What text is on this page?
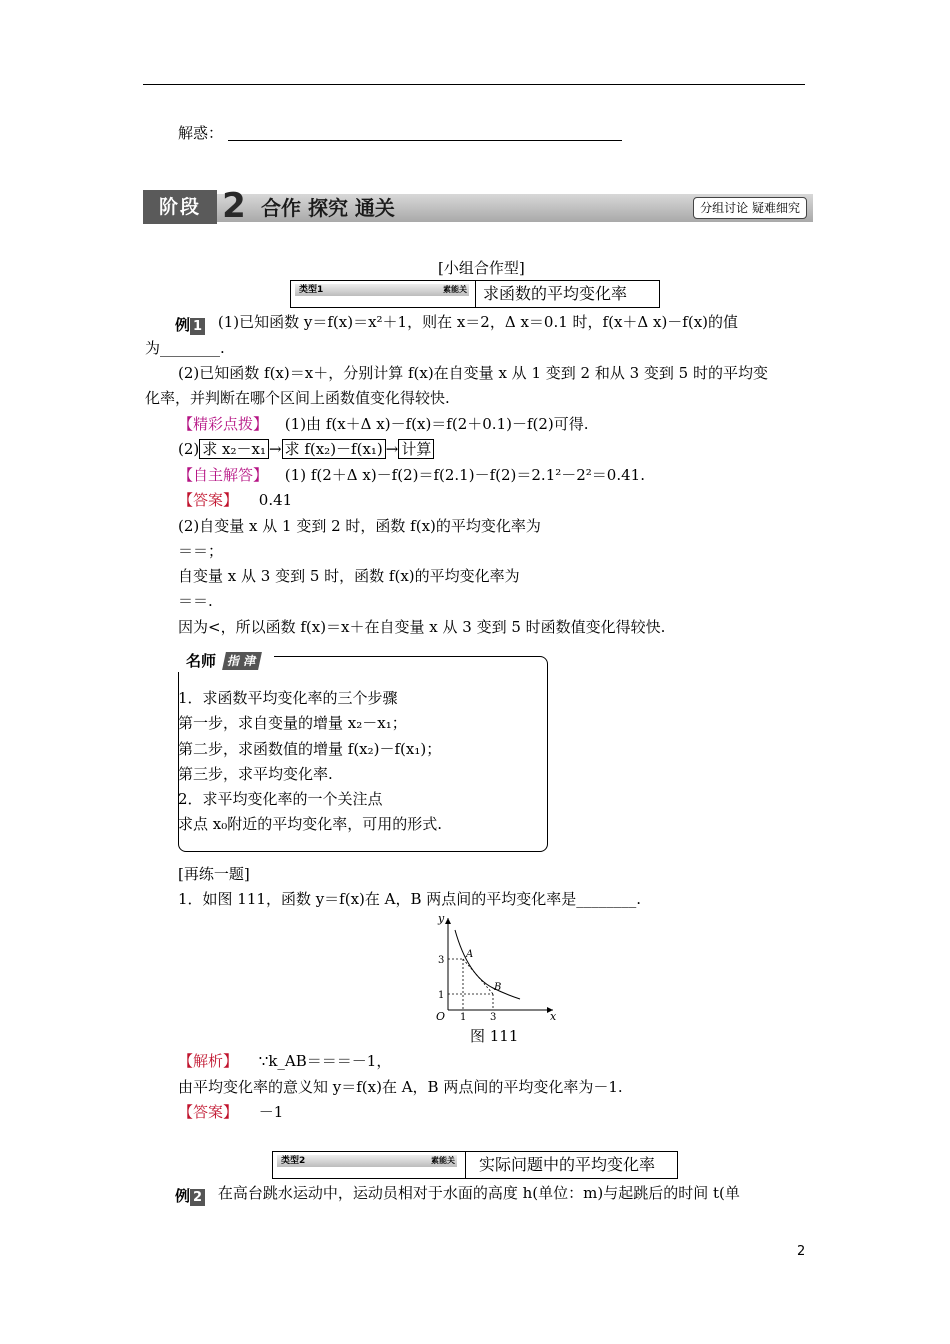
解惑：
阶段 2 合作 探究 通关	分组讨论 疑难细究
[小组合作型]
类型1	素能关 求函数的平均变化率
例 1 (1)已知函数 y＝f(x)＝x²＋1，则在 x＝2，Δ x＝0.1 时，f(x＋Δ x)－f(x)的值
为________.
(2)已知函数 f(x)＝x＋，分别计算 f(x)在自变量 x 从 1 变到 2 和从 3 变到 5 时的平均变
化率，并判断在哪个区间上函数值变化得较快.
【精彩点拨】 (1)由 f(x＋Δ x)－f(x)＝f(2＋0.1)－f(2)可得.
(2) 求 x₂－x₁ → 求 f(x₂)－f(x₁) → 计算
【自主解答】 (1) f(2＋Δ x)－f(2)＝f(2.1)－f(2)＝2.1²－2²＝0.41.
【答案】 0.41
(2)自变量 x 从 1 变到 2 时，函数 f(x)的平均变化率为
＝＝；
自变量 x 从 3 变到 5 时，函数 f(x)的平均变化率为
＝＝.
因为<，所以函数 f(x)＝x＋在自变量 x 从 3 变到 5 时函数值变化得较快.
名师 指 津
1．求函数平均变化率的三个步骤
第一步，求自变量的增量 x₂－x₁；
第二步，求函数值的增量 f(x₂)－f(x₁)；
第三步，求平均变化率.
2．求平均变化率的一个关注点
求点 x₀附近的平均变化率，可用的形式.
[再练一题]
1．如图 111，函数 y＝f(x)在 A，B 两点间的平均变化率是________.
y
x
O 1 3
1
3
A
B
图 111
【解析】 ∵k_AB＝＝＝－1，
由平均变化率的意义知 y＝f(x)在 A，B 两点间的平均变化率为－1.
【答案】 －1
类型2	素能关 实际问题中的平均变化率
例 2 在高台跳水运动中，运动员相对于水面的高度 h(单位：m)与起跳后的时间 t(单
2
